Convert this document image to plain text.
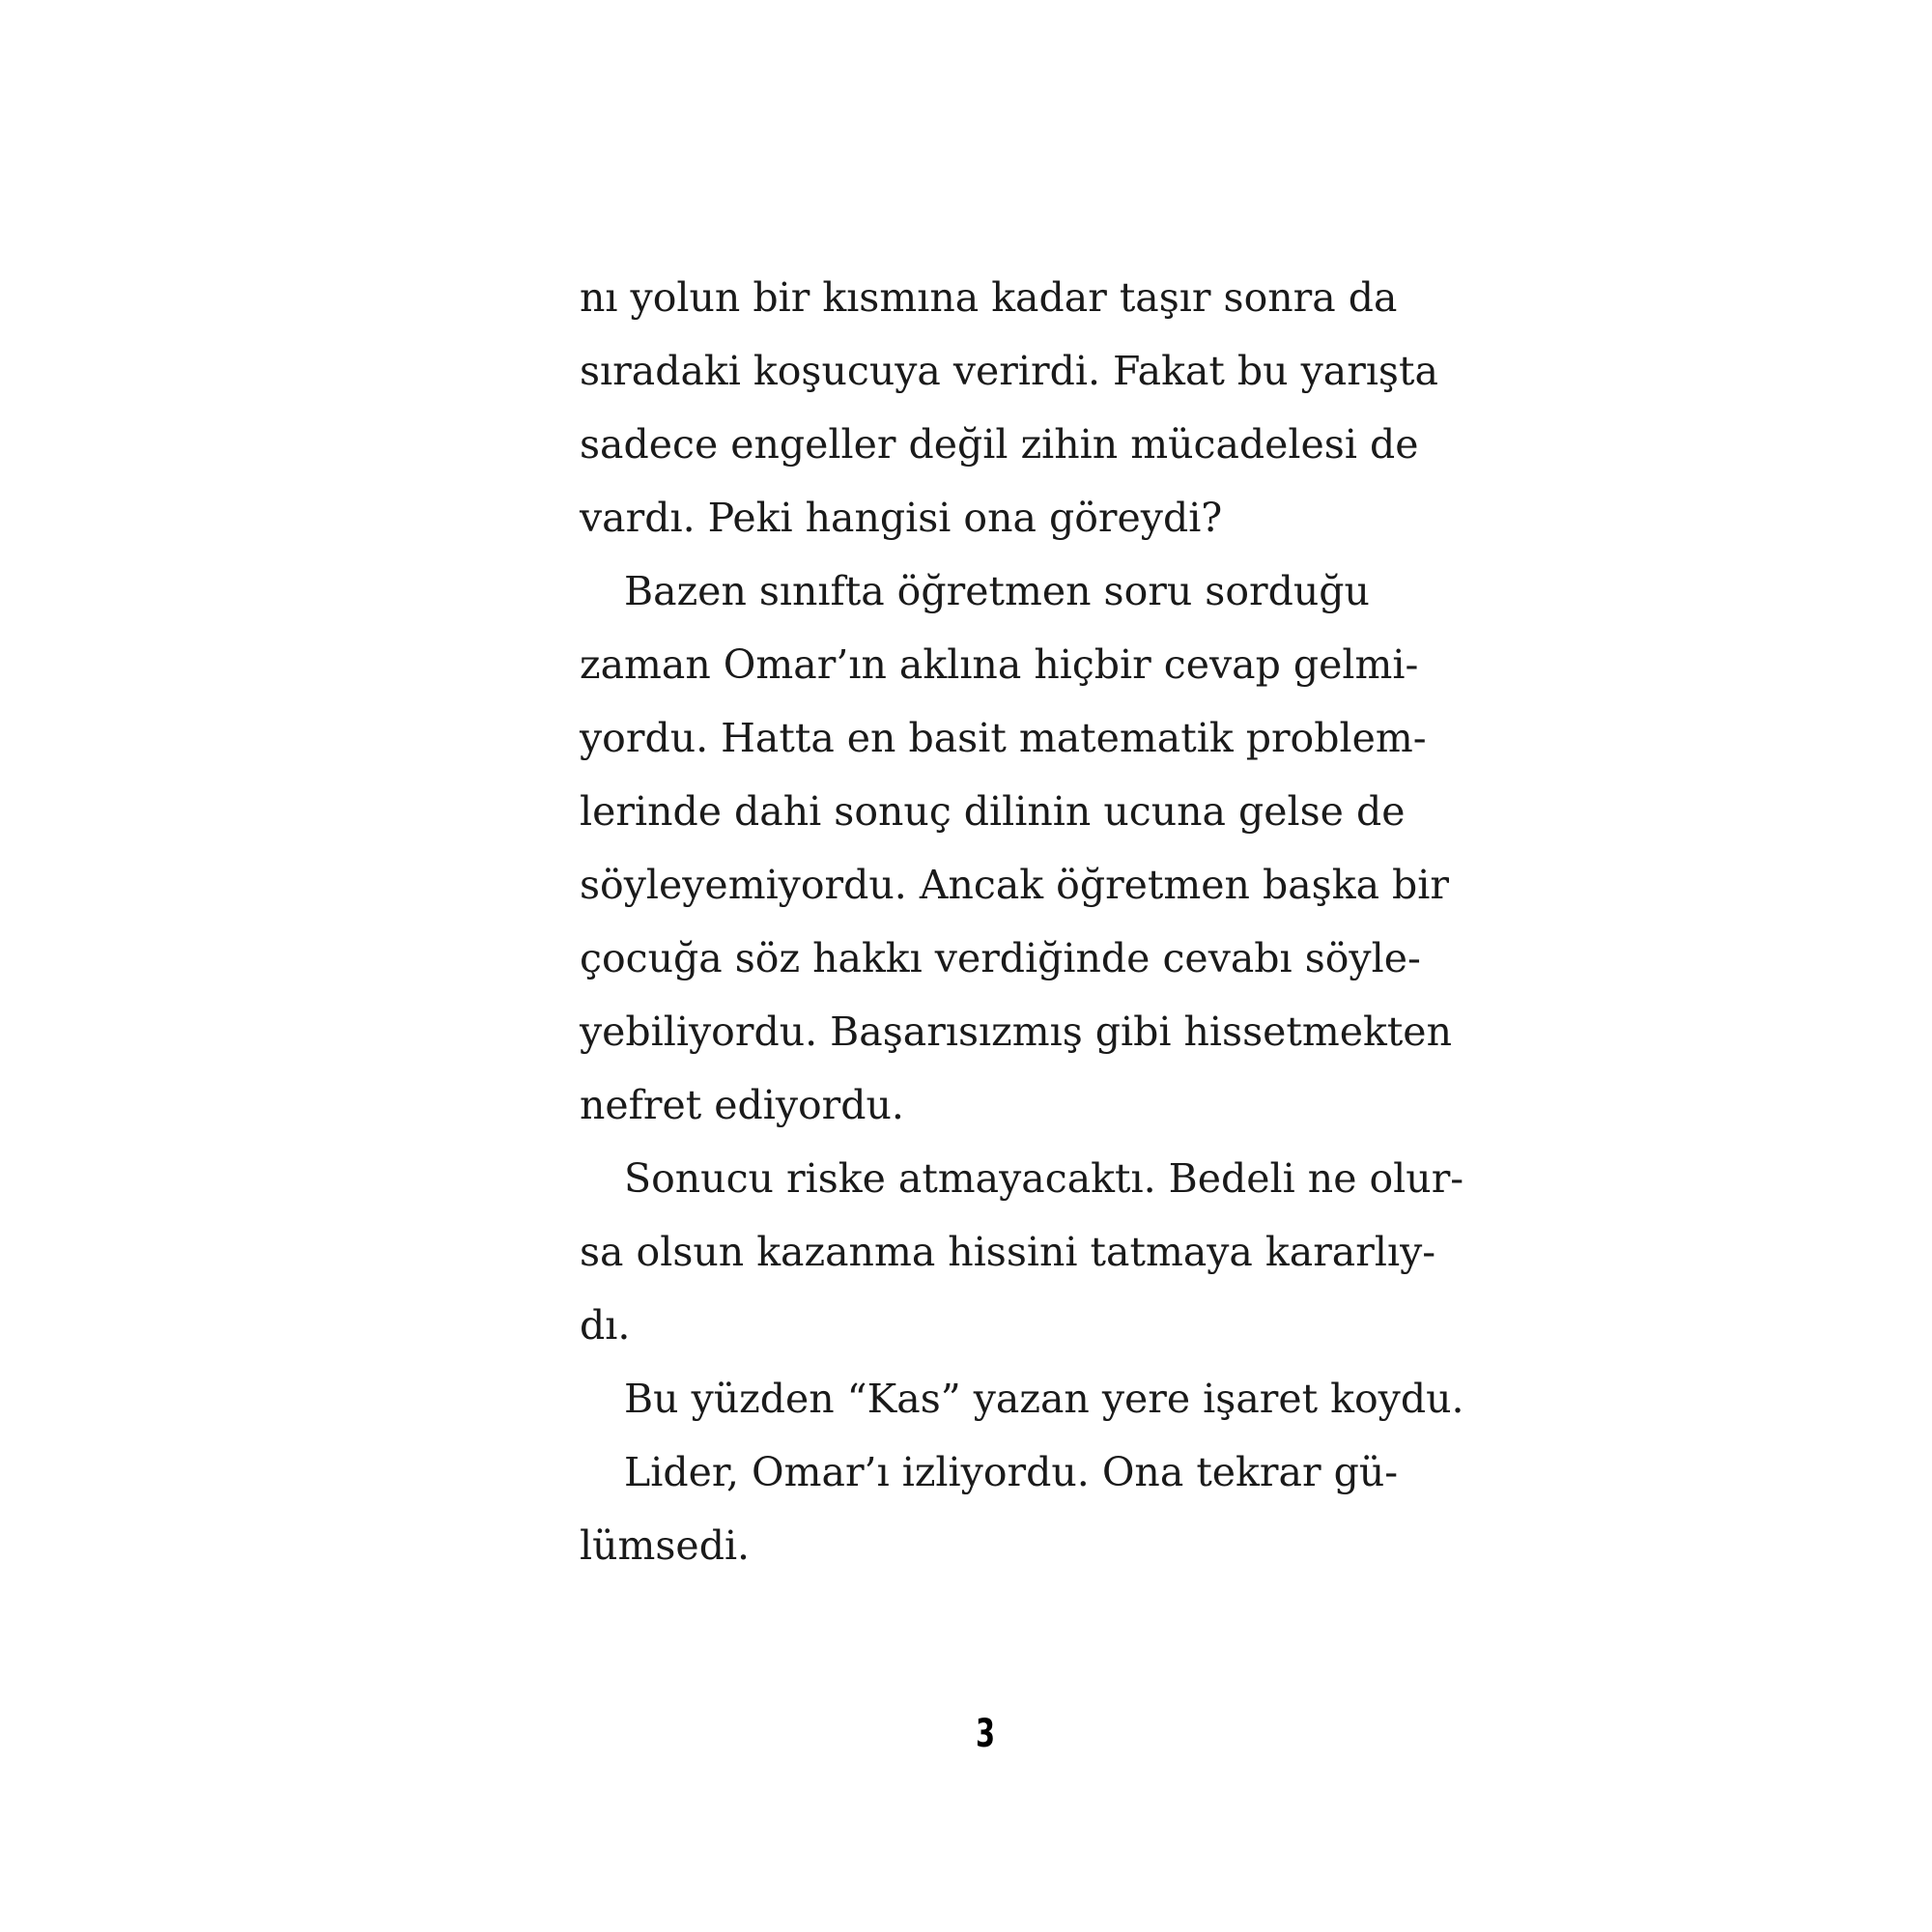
nı yolun bir kısmına kadar taşır sonra da
sıradaki koşucuya verirdi. Fakat bu yarışta
sadece engeller değil zihin mücadelesi de
vardı. Peki hangisi ona göreydi?
Bazen sınıfta öğretmen soru sorduğu
zaman Omar’ın aklına hiçbir cevap gelmi-
yordu. Hatta en basit matematik problem-
lerinde dahi sonuç dilinin ucuna gelse de
söyleyemiyordu. Ancak öğretmen başka bir
çocuğa söz hakkı verdiğinde cevabı söyle-
yebiliyordu. Başarısızmış gibi hissetmekten
nefret ediyordu.
Sonucu riske atmayacaktı. Bedeli ne olur-
sa olsun kazanma hissini tatmaya kararlıy-
dı.
Bu yüzden “Kas” yazan yere işaret koydu.
Lider, Omar’ı izliyordu. Ona tekrar gü-
lümsedi.
3
